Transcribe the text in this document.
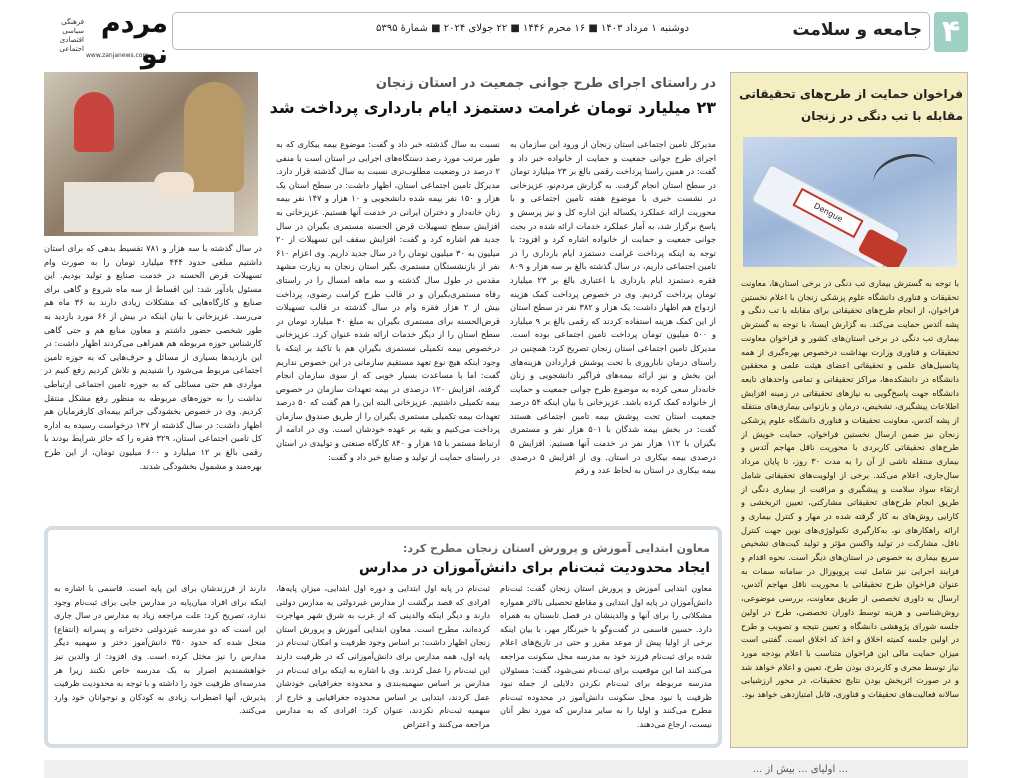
مردم نو
فرهنگی سیاسی اقتصادی اجتماعی
www.zanjanews.com
دوشنبه ۱ مرداد ۱۴۰۳ ■ ۱۶ محرم ۱۴۴۶ ■ ۲۲ جولای ۲۰۲۴ ■ شمارهٔ ۵۳۹۵	جامعه و سلامت ۴
در راستای اجرای طرح جوانی جمعیت در استان زنجان
۲۳ میلیارد تومان غرامت دستمزد ایام بارداری پرداخت شد
مدیرکل تامین اجتماعی استان زنجان از ورود این سازمان به اجرای طرح جوانی جمعیت و حمایت از خانواده خبر داد و گفت: در همین راستا پرداخت رقمی بالغ بر ۲۳ میلیارد تومان در سطح استان انجام گرفت. به گزارش مردم‌نو، عزیزخانی در نشست خبری با موضوع هفته تامین اجتماعی و با محوریت ارائه عملکرد یکساله این اداره کل و نیز پرسش و پاسخ برگزار شد، به آمار عملکرد خدمات ارائه شده در بحث جوانی جمعیت و حمایت از خانواده اشاره کرد و افزود: با توجه به اینکه پرداخت غرامت دستمزد ایام بارداری را در تامین اجتماعی داریم، در سال گذشته بالغ بر سه هزار و ۸۰۹ فقره دستمزد ایام بارداری با اعتباری بالغ بر ۲۳ میلیارد تومان پرداخت کردیم. وی در خصوص پرداخت کمک هزینه ازدواج هم اظهار داشت: یک هزار و ۳۸۲ نفر در سطح استان از این کمک هزینه استفاده کردند که رقمی بالغ بر ۹ میلیارد و ۵۰۰ میلیون تومان پرداخت تامین اجتماعی بوده است. مدیرکل تامین اجتماعی استان زنجان تصریح کرد: همچنین در راستای درمان ناباروری با تحت پوشش قراردادن هزینه‌های این بخش و نیز ارائه بیمه‌های فراگیر دانشجویی و زنان خانه‌دار سعی کرده به موضوع طرح جوانی جمعیت و حمایت از خانواده کمک کرده باشد. عزیزخانی با بیان اینکه ۵۴ درصد جمعیت استان تحت پوشش بیمه تامین اجتماعی هستند گفت: در بخش بیمه شدگان با ۵۰۱ هزار نفر و مستمری بگیران با ۱۱۲ هزار نفر در خدمت آنها هستیم. افزایش ۵ درصدی بیمه بیکاری در استان. وی از افزایش ۵ درصدی بیمه بیکاری در استان به لحاظ عدد و رقم
نسبت به سال گذشته خبر داد و گفت: موضوع بیمه بیکاری که به طور مرتب مورد رصد دستگاه‌های اجرایی در استان است با منفی ۲ درصد در وضعیت مطلوب‌تری نسبت به سال گذشته قرار دارد. مدیرکل تامین اجتماعی استان، اظهار داشت: در سطح استان یک هزار و ۱۵۰ نفر بیمه شده دانشجویی و ۱۰ هزار و ۱۴۷ نفر بیمه زنان خانه‌دار و دختران ایرانی در خدمت آنها هستیم. عزیزخانی به افزایش سطح تسهیلات قرض الحسنه مستمری بگیران در سال جدید هم اشاره کرد و گفت: افزایش سقف این تسهیلات از ۲۰ میلیون به ۳۰ میلیون تومان را در سال جدید داریم. وی اعزام ۶۱۰ نفر از بازنشستگان مستمری بگیر استان زنجان به زیارت مشهد مقدس در طول سال گذشته و سه ماهه امسال را در راستای رفاه مستمری‌بگیران و در قالب طرح کرامت رضوی، پرداخت بیش از ۲ هزار فقره وام در سال گذشته در قالب تسهیلات قرض‌الحسنه برای مستمری بگیران به مبلغ ۴۰ میلیارد تومان در سطح استان را از دیگر خدمات ارائه شده عنوان کرد. عزیزخانی درخصوص بیمه تکمیلی مستمری بگیران هم با تاکید بر اینکه با وجود اینکه هیچ نوع تعهد مستقیم سازمانی در این خصوص نداریم گفت: اما با مساعدت بسیار خوبی که از سوی سازمان انجام گرفته، افزایش ۱۲۰ درصدی در بیمه تعهدات سازمان در خصوص بیمه تکمیلی داشتیم. عزیزخانی البته این را هم گفت که ۵۰ درصد تعهدات بیمه تکمیلی مستمری بگیران را از طریق صندوق سازمان پرداخت می‌کنیم و بقیه بر عهده خودشان است. وی در ادامه از ارتباط مستمر با ۱۵ هزار و ۸۴۰ کارگاه صنعتی و تولیدی در استان در راستای حمایت از تولید و صنایع خبر داد و گفت:
در سال گذشته با سه هزار و ۷۸۱ تقسیط بدهی که برای استان داشتیم مبلغی حدود ۴۴۴ میلیارد تومان را به صورت وام تسهیلات قرض الحسنه در خدمت صنایع و تولید بودیم. این مسئول یادآور شد: این اقساط از سه ماه شروع و گاهی برای صنایع و کارگاه‌هایی که مشکلات زیادی دارند به ۳۶ ماه هم می‌رسد. عزیزخانی با بیان اینکه در بیش از ۶۶ مورد بازدید به طور شخصی حضور داشتم و معاون منابع هم و حتی گاهی کارشناس حوزه مربوطه هم همراهی می‌کردند اظهار داشت: در این بازدیدها بسیاری از مسائل و حرف‌هایی که به حوزه تامین اجتماعی مربوط می‌شود را شنیدیم و تلاش کردیم رفع کنیم در مواردی هم حتی مسائلی که به حوزه تامین اجتماعی ارتباطی نداشت را به حوزه‌های مربوطه به منظور رفع مشکل منتقل کردیم. وی در خصوص بخشودگی جرائم بیمه‌ای کارفرمایان هم اظهار داشت: در سال گذشته از ۱۳۷ درخواست رسیده به اداره کل تامین اجتماعی استان، ۳۲۹ فقره را که حائز شرایط بودند با رقمی بالغ بر ۱۲ میلیارد و ۶۰۰ میلیون تومان، از این طرح بهره‌مند و مشمول بخشودگی شدند.
فراخوان حمایت از طرح‌های تحقیقاتی مقابله با تب دنگی در زنجان
Dengue
با توجه به گسترش بیماری تب دنگی در برخی استان‌ها، معاونت تحقیقات و فناوری دانشگاه علوم پزشکی زنجان با اعلام نخستین فراخوان، از انجام طرح‌های تحقیقاتی برای مقابله با تب دنگی و پشه آئدس حمایت می‌کند. به گزارش ایسنا، با توجه به گسترش بیماری تب دنگی در برخی استان‌های کشور و فراخوان معاونت تحقیقات و فناوری وزارت بهداشت درخصوص بهره‌گیری از همه پتانسیل‌های علمی و تحقیقاتی اعضای هیئت علمی و محققین دانشگاه در دانشکده‌ها، مراکز تحقیقاتی و تمامی واحدهای تابعه دانشگاه جهت پاسخ‌گویی به نیازهای تحقیقاتی در زمینه افزایش اطلاعات پیشگیری، تشخیص، درمان و بازتوانی بیماری‌های منتقله از پشه آئدس، معاونت تحقیقات و فناوری دانشگاه علوم پزشکی زنجان نیز ضمن ارسال نخستین فراخوان، حمایت خویش از طرح‌های تحقیقاتی کاربردی با محوریت ناقل مهاجم آئدس و بیماری منتقله ناشی از آن را به مدت ۳۰ روز، تا پایان مرداد سال‌جاری، اعلام می‌کند. برخی از اولویت‌های تحقیقاتی شامل ارتقاء سواد سلامت و پیشگیری و مراقبت از بیماری دنگی از طریق انجام طرح‌های تحقیقاتی مشارکتی، تعیین اثربخشی و کارایی روش‌های به کار گرفته شده در مهار و کنترل بیماری و ارائه راهکارهای نو، به‌کارگیری تکنولوژی‌های نوین جهت کنترل ناقل، مشارکت در تولید واکسن مؤثر و تولید کیت‌های تشخیص سریع بیماری به خصوص در استان‌های دیگر است. نحوه اقدام و فرایند اجرایی نیز شامل ثبت پروپوزال در سامانه سمات به عنوان فراخوان طرح تحقیقاتی با محوریت ناقل مهاجم آئدس، ارسال به داوری تخصصی از طریق معاونت، بررسی موضوعی، روش‌شناسی و هزینه توسط داوران تخصصی، طرح در اولین جلسه شورای پژوهشی دانشگاه و تعیین نتیجه و تصویب و طرح در اولین جلسه کمیته اخلاق و اخذ کد اخلاق است. گفتنی است میزان حمایت مالی این فراخوان متناسب با اعلام بودجه مورد نیاز توسط مجری و کاربردی بودن طرح، تعیین و اعلام خواهد شد و در صورت اثربخش بودن نتایج تحقیقات، در محور ارزشیابی سالانه فعالیت‌های تحقیقات و فناوری، قابل امتیازدهی خواهد بود.
معاون ابتدایی آموزش و پرورش استان زنجان مطرح کرد:
ایجاد محدودیت ثبت‌نام برای دانش‌آموزان در مدارس
معاون ابتدایی آموزش و پرورش استان زنجان گفت: ثبت‌نام دانش‌آموزان در پایه اول ابتدایی و مقاطع تحصیلی بالاتر همواره مشکلاتی را برای آنها و والدینشان در فصل تابستان به همراه دارد. حسین قاسمی در گفت‌وگو با خبرنگار مهر، با بیان اینکه برخی از اولیا پیش از موعد مقرر و حتی در تاریخ‌های اعلام شده برای ثبت‌نام فرزند خود به مدرسه محل سکونت مراجعه می‌کنند اما این موقعیت برای ثبت‌نام نمی‌شود، گفت: مسئولان مدرسه مربوطه برای ثبت‌نام نکردن دلایلی از جمله نبود ظرفیت یا نبود محل سکونت دانش‌آموز در محدوده ثبت‌نام مطرح می‌کنند و اولیا را به سایر مدارس که مورد نظر آنان نیست، ارجاع می‌دهند.
ثبت‌نام در پایه اول ابتدایی و دوره اول ابتدایی، میزان پایه‌ها، افرادی که قصد برگشت از مدارس غیردولتی به مدارس دولتی دارند و دیگر اینکه والدینی که از غرب به شرق شهر مهاجرت کرده‌اند، مطرح است. معاون ابتدایی آموزش و پرورش استان زنجان اظهار داشت: بر اساس وجود ظرفیت و امکان ثبت‌نام در پایه اول، همه مدارس برای دانش‌آموزانی که در ظرفیت دارند این ثبت‌نام را عمل کردند. وی با اشاره به اینکه برای ثبت‌نام در مدارس بر اساس سهمیه‌بندی و محدوده جغرافیایی خودشان عمل کردند، ابتدایی بر اساس محدوده جغرافیایی و خارج از سهمیه ثبت‌نام نکردند، عنوان کرد: افرادی که به مدارس مراجعه می‌کنند و اعتراض
دارند از فرزندشان برای این پایه است. قاسمی با اشاره به اینکه برای افراد میان‌پایه در مدارس جایی برای ثبت‌نام وجود ندارد، تصریح کرد: علت مراجعه زیاد به مدارس در سال جاری این است که دو مدرسه غیردولتی دخترانه و پسرانه (انتفاع) منحل شده که حدود ۳۵۰ دانش‌آموز دختر و سهمیه دیگر مدارس را نیز مختل کرده است. وی افزود: از والدین نیز خواهشمندیم اصرار به یک مدرسه خاص نکنند زیرا هر مدرسه‌ای ظرفیت خود را داشته و با توجه به محدودیت ظرفیت پذیرش، آنها اضطراب زیادی به کودکان و نوجوانان خود وارد می‌کنند.
... اولیای ... بیش از ...
